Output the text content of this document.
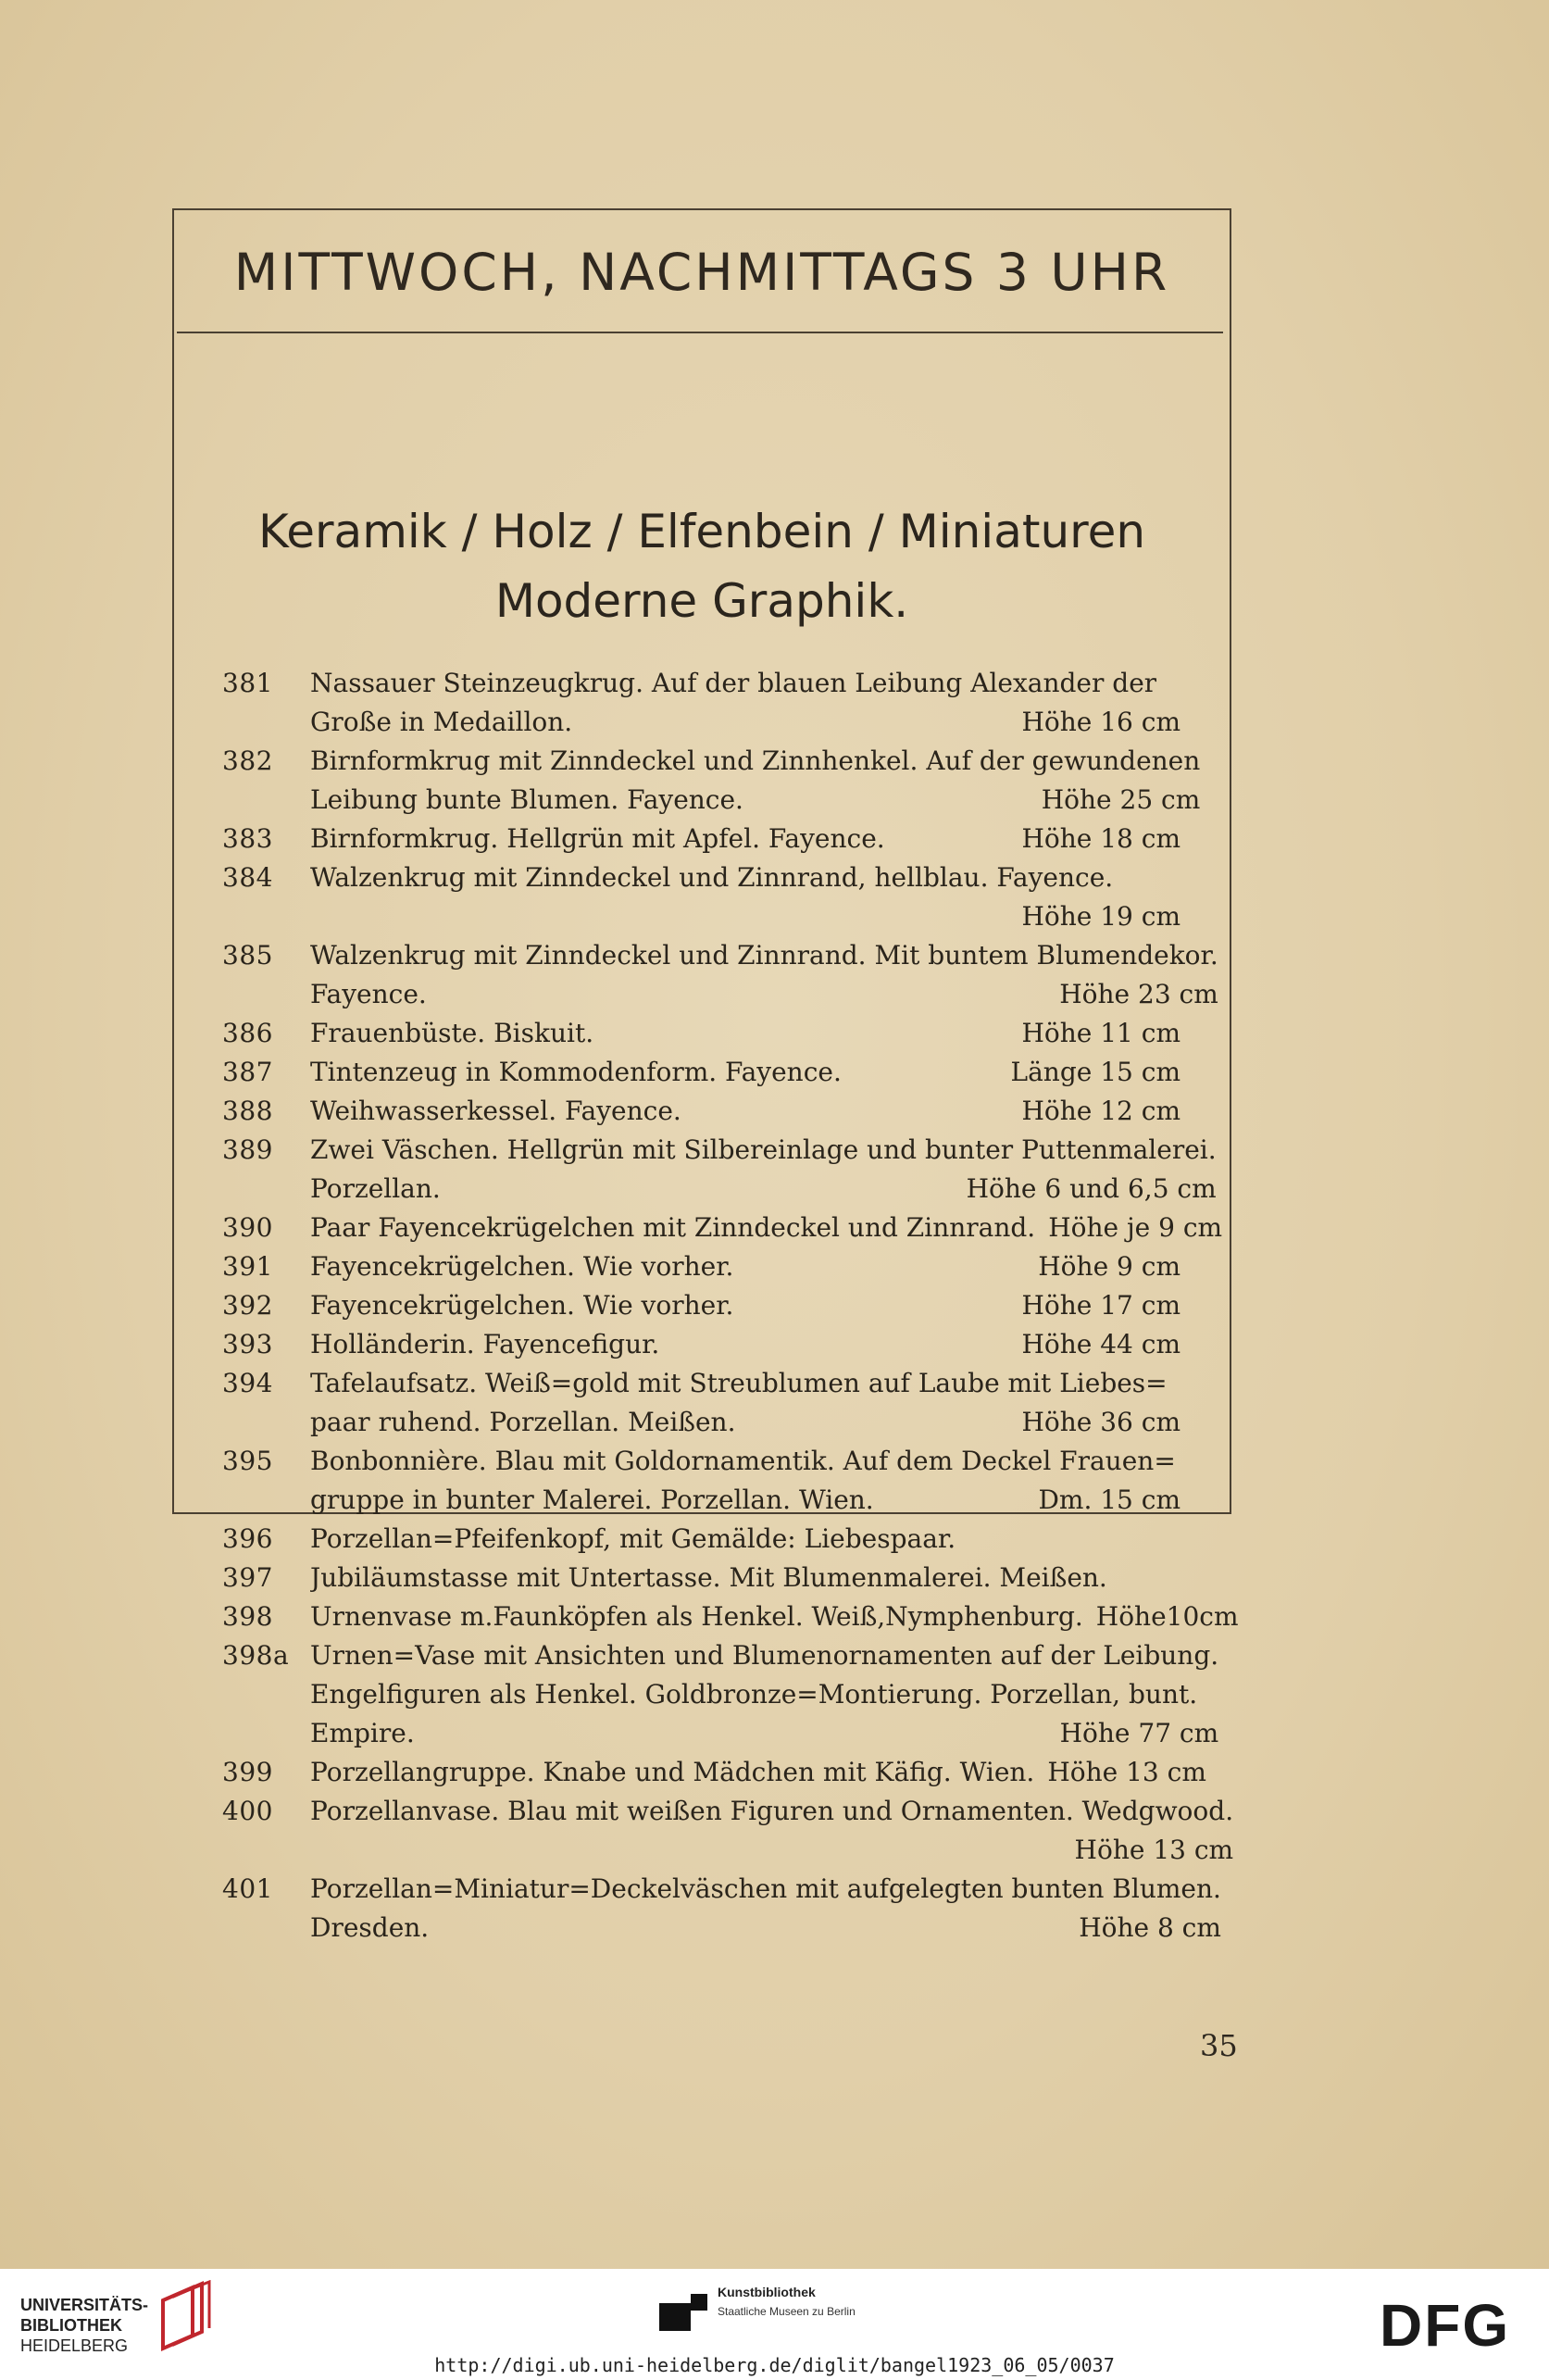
MITTWOCH, NACHMITTAGS 3 UHR
Keramik / Holz / Elfenbein / Miniaturen
Moderne Graphik.
381	Nassauer Steinzeugkrug. Auf der blauen Leibung Alexander der
Große in Medaillon.	Höhe 16 cm
382	Birnformkrug mit Zinndeckel und Zinnhenkel. Auf der gewundenen
Leibung bunte Blumen. Fayence.	Höhe 25 cm
383	Birnformkrug. Hellgrün mit Apfel. Fayence.	Höhe 18 cm
384	Walzenkrug mit Zinndeckel und Zinnrand, hellblau. Fayence.
Höhe 19 cm
385	Walzenkrug mit Zinndeckel und Zinnrand. Mit buntem Blumendekor.
Fayence.	Höhe 23 cm
386	Frauenbüste. Biskuit.	Höhe 11 cm
387	Tintenzeug in Kommodenform. Fayence.	Länge 15 cm
388	Weihwasserkessel. Fayence.	Höhe 12 cm
389	Zwei Väschen. Hellgrün mit Silbereinlage und bunter Puttenmalerei.
Porzellan.	Höhe 6 und 6,5 cm
390	Paar Fayencekrügelchen mit Zinndeckel und Zinnrand. Höhe je 9 cm
391	Fayencekrügelchen. Wie vorher.	Höhe 9 cm
392	Fayencekrügelchen. Wie vorher.	Höhe 17 cm
393	Holländerin. Fayencefigur.	Höhe 44 cm
394	Tafelaufsatz. Weiß=gold mit Streublumen auf Laube mit Liebes=
paar ruhend. Porzellan. Meißen.	Höhe 36 cm
395	Bonbonnière. Blau mit Goldornamentik. Auf dem Deckel Frauen=
gruppe in bunter Malerei. Porzellan. Wien.	Dm. 15 cm
396	Porzellan=Pfeifenkopf, mit Gemälde: Liebespaar.
397	Jubiläumstasse mit Untertasse. Mit Blumenmalerei. Meißen.
398	Urnenvase m.Faunköpfen als Henkel. Weiß,Nymphenburg. Höhe10cm
398a Urnen=Vase mit Ansichten und Blumenornamenten auf der Leibung.
Engelfiguren als Henkel. Goldbronze=Montierung. Porzellan, bunt.
Empire.	Höhe 77 cm
399	Porzellangruppe. Knabe und Mädchen mit Käfig. Wien. Höhe 13 cm
400	Porzellanvase. Blau mit weißen Figuren und Ornamenten. Wedgwood.
Höhe 13 cm
401	Porzellan=Miniatur=Deckelväschen mit aufgelegten bunten Blumen.
Dresden.	Höhe 8 cm
35
UNIVERSITÄTS-
BIBLIOTHEK
HEIDELBERG
Kunstbibliothek
Staatliche Museen zu Berlin	DFG
http://digi.ub.uni-heidelberg.de/diglit/bangel1923_06_05/0037
